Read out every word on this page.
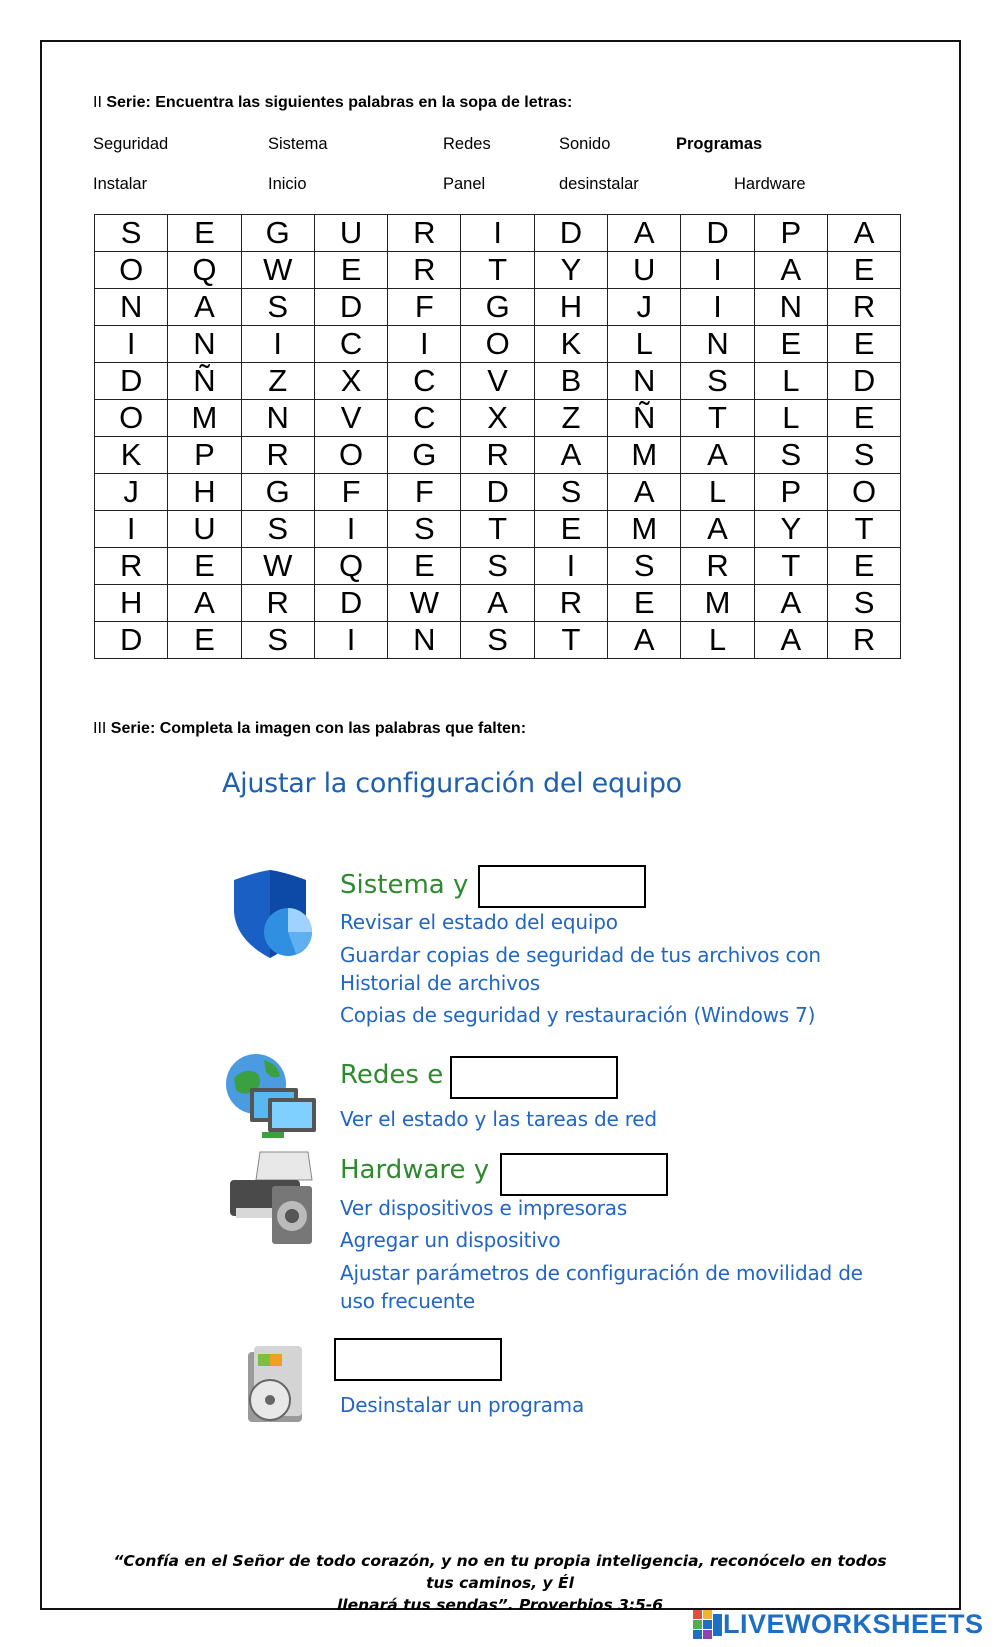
II Serie: Encuentra las siguientes palabras en la sopa de letras:
Seguridad	Sistema	Redes	Sonido	Programas
Instalar	Inicio	Panel	desinstalar	Hardware
S	E	G	U	R	I	D	A	D	P	A
O	Q	W	E	R	T	Y	U	I	A	E
N	A	S	D	F	G	H	J	I	N	R
I	N	I	C	I	O	K	L	N	E	E
D	Ñ	Z	X	C	V	B	N	S	L	D
O	M	N	V	C	X	Z	Ñ	T	L	E
K	P	R	O	G	R	A	M	A	S	S
J	H	G	F	F	D	S	A	L	P	O
I	U	S	I	S	T	E	M	A	Y	T
R	E	W	Q	E	S	I	S	R	T	E
H	A	R	D	W	A	R	E	M	A	S
D	E	S	I	N	S	T	A	L	A	R
III Serie: Completa la imagen con las palabras que falten:
Ajustar la configuración del equipo
Sistema y
Revisar el estado del equipo
Guardar copias de seguridad de tus archivos con
Historial de archivos
Copias de seguridad y restauración (Windows 7)
Redes e
Ver el estado y las tareas de red
Hardware y
Ver dispositivos e impresoras
Agregar un dispositivo
Ajustar parámetros de configuración de movilidad de
uso frecuente
Desinstalar un programa
“Confía en el Señor de todo corazón, y no en tu propia inteligencia, reconócelo en todos tus caminos, y Él
llenará tus sendas”. Proverbios 3:5-6
LIVEWORKSHEETS
